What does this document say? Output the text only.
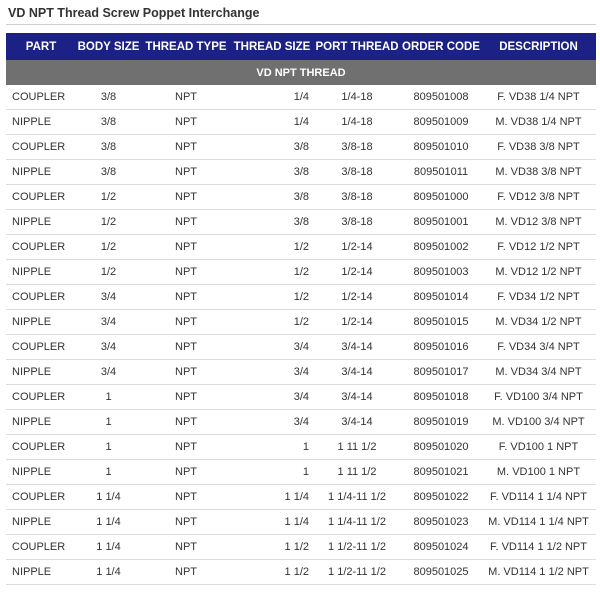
VD NPT Thread Screw Poppet Interchange
PART	BODY SIZE	THREAD TYPE	THREAD SIZE	PORT THREAD	ORDER CODE	DESCRIPTION
VD NPT THREAD						
COUPLER	3/8	NPT	1/4	1/4-18	809501008	F. VD38 1/4 NPT
NIPPLE	3/8	NPT	1/4	1/4-18	809501009	M. VD38 1/4 NPT
COUPLER	3/8	NPT	3/8	3/8-18	809501010	F. VD38 3/8 NPT
NIPPLE	3/8	NPT	3/8	3/8-18	809501011	M. VD38 3/8 NPT
COUPLER	1/2	NPT	3/8	3/8-18	809501000	F. VD12 3/8 NPT
NIPPLE	1/2	NPT	3/8	3/8-18	809501001	M. VD12 3/8 NPT
COUPLER	1/2	NPT	1/2	1/2-14	809501002	F. VD12 1/2 NPT
NIPPLE	1/2	NPT	1/2	1/2-14	809501003	M. VD12 1/2 NPT
COUPLER	3/4	NPT	1/2	1/2-14	809501014	F. VD34 1/2 NPT
NIPPLE	3/4	NPT	1/2	1/2-14	809501015	M. VD34 1/2 NPT
COUPLER	3/4	NPT	3/4	3/4-14	809501016	F. VD34 3/4 NPT
NIPPLE	3/4	NPT	3/4	3/4-14	809501017	M. VD34 3/4 NPT
COUPLER	1	NPT	3/4	3/4-14	809501018	F. VD100 3/4 NPT
NIPPLE	1	NPT	3/4	3/4-14	809501019	M. VD100 3/4 NPT
COUPLER	1	NPT	1	1 11 1/2	809501020	F. VD100 1 NPT
NIPPLE	1	NPT	1	1 11 1/2	809501021	M. VD100 1 NPT
COUPLER	1 1/4	NPT	1 1/4	1 1/4-11 1/2	809501022	F. VD114 1 1/4 NPT
NIPPLE	1 1/4	NPT	1 1/4	1 1/4-11 1/2	809501023	M. VD114 1 1/4 NPT
COUPLER	1 1/4	NPT	1 1/2	1 1/2-11 1/2	809501024	F. VD114 1 1/2 NPT
NIPPLE	1 1/4	NPT	1 1/2	1 1/2-11 1/2	809501025	M. VD114 1 1/2 NPT
